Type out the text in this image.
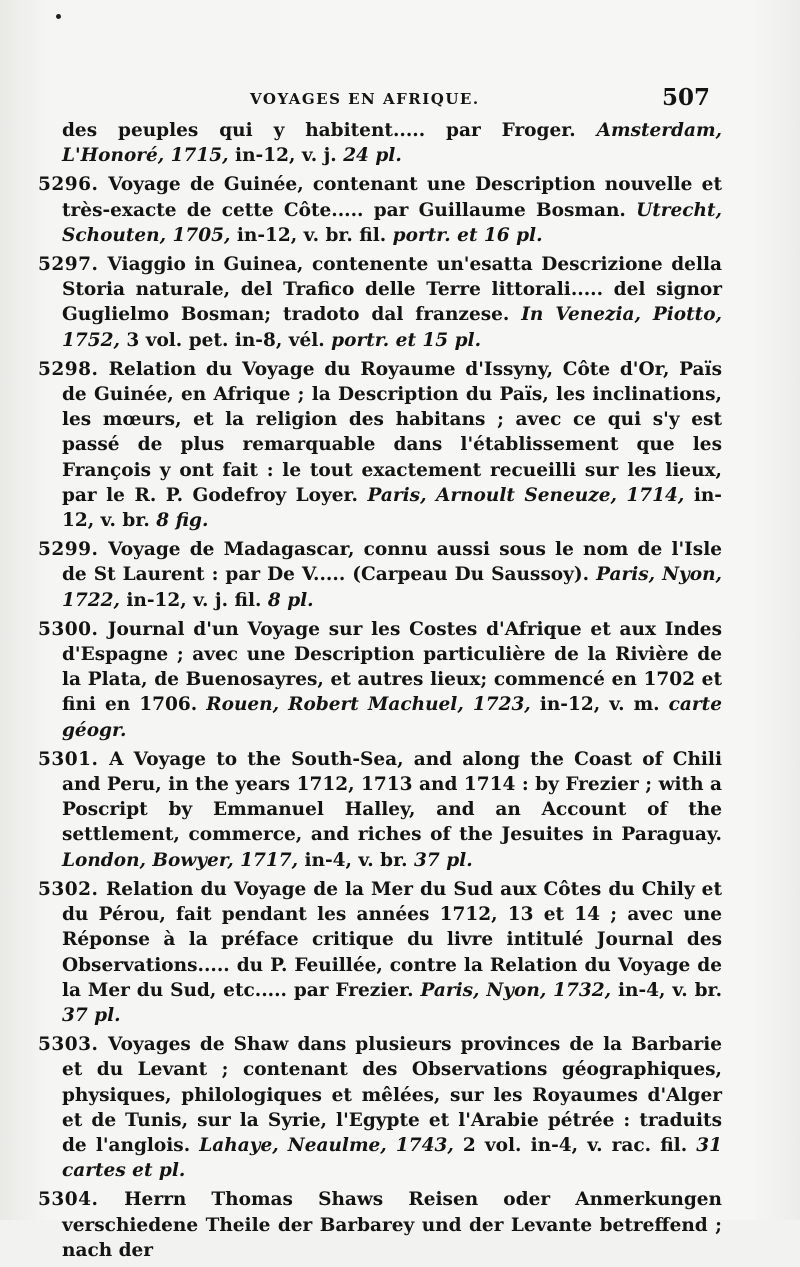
VOYAGES EN AFRIQUE.	507
des peuples qui y habitent..... par Froger. Amsterdam, L'Honoré, 1715, in-12, v. j. 24 pl.
5296. Voyage de Guinée, contenant une Description nouvelle et très-exacte de cette Côte..... par Guillaume Bosman. Utrecht, Schouten, 1705, in-12, v. br. fil. portr. et 16 pl.
5297. Viaggio in Guinea, contenente un'esatta Descrizione della Storia naturale, del Trafico delle Terre littorali..... del signor Guglielmo Bosman; tradoto dal franzese. In Venezia, Piotto, 1752, 3 vol. pet. in-8, vél. portr. et 15 pl.
5298. Relation du Voyage du Royaume d'Issyny, Côte d'Or, Païs de Guinée, en Afrique ; la Description du Païs, les inclinations, les mœurs, et la religion des habitans ; avec ce qui s'y est passé de plus remarquable dans l'établissement que les François y ont fait : le tout exactement recueilli sur les lieux, par le R. P. Godefroy Loyer. Paris, Arnoult Seneuze, 1714, in-12, v. br. 8 fig.
5299. Voyage de Madagascar, connu aussi sous le nom de l'Isle de St Laurent : par De V..... (Carpeau Du Saussoy). Paris, Nyon, 1722, in-12, v. j. fil. 8 pl.
5300. Journal d'un Voyage sur les Costes d'Afrique et aux Indes d'Espagne ; avec une Description particulière de la Rivière de la Plata, de Buenosayres, et autres lieux; commencé en 1702 et fini en 1706. Rouen, Robert Machuel, 1723, in-12, v. m. carte géogr.
5301. A Voyage to the South-Sea, and along the Coast of Chili and Peru, in the years 1712, 1713 and 1714 : by Frezier ; with a Poscript by Emmanuel Halley, and an Account of the settlement, commerce, and riches of the Jesuites in Paraguay. London, Bowyer, 1717, in-4, v. br. 37 pl.
5302. Relation du Voyage de la Mer du Sud aux Côtes du Chily et du Pérou, fait pendant les années 1712, 13 et 14 ; avec une Réponse à la préface critique du livre intitulé Journal des Observations..... du P. Feuillée, contre la Relation du Voyage de la Mer du Sud, etc..... par Frezier. Paris, Nyon, 1732, in-4, v. br. 37 pl.
5303. Voyages de Shaw dans plusieurs provinces de la Barbarie et du Levant ; contenant des Observations géographiques, physiques, philologiques et mêlées, sur les Royaumes d'Alger et de Tunis, sur la Syrie, l'Egypte et l'Arabie pétrée : traduits de l'anglois. Lahaye, Neaulme, 1743, 2 vol. in-4, v. rac. fil. 31 cartes et pl.
5304. Herrn Thomas Shaws Reisen oder Anmerkungen verschiedene Theile der Barbarey und der Levante betreffend ; nach der
